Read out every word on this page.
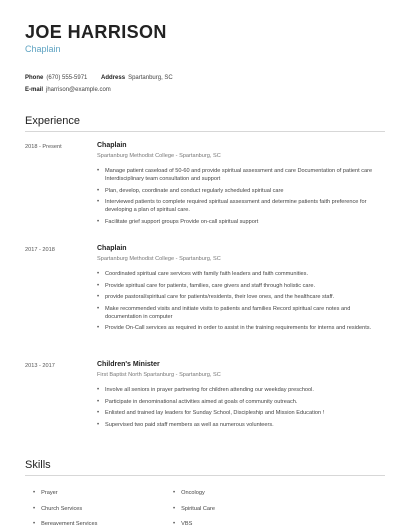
JOE HARRISON
Chaplain
Phone (670) 555-5971 Address Spartanburg, SC
E-mail jharrison@example.com
Experience
2018 - Present	Chaplain
Spartanburg Methodist College - Spartanburg, SC
• Manage patient caseload of 50-60 and provide spiritual assessment and care Documentation of patient care Interdisciplinary team consultation and support
• Plan, develop, coordinate and conduct regularly scheduled spiritual care
• Interviewed patients to complete required spiritual assessment and determine patients faith preference for developing a plan of spiritual care.
• Facilitate grief support groups Provide on-call spiritual support
2017 - 2018	Chaplain
Spartanburg Methodist College - Spartanburg, SC
• Coordinated spiritual care services with family faith leaders and faith communities.
• Provide spiritual care for patients, families, care givers and staff through holistic care.
• provide pastoral/spiritual care for patients/residents, their love ones, and the healthcare staff.
• Make recommended visits and initiate visits to patients and families Record spiritual care notes and documentation in computer
• Provide On-Call services as required in order to assist in the training requirements for interns and residents.
2013 - 2017	Children's Minister
First Baptist North Spartanburg - Spartanburg, SC
• Involve all seniors in prayer partnering for children attending our weekday preschool.
• Participate in denominational activities aimed at goals of community outreach.
• Enlisted and trained lay leaders for Sunday School, Discipleship and Mission Education !
• Supervised two paid staff members as well as numerous volunteers.
Skills
• Prayer	• Oncology
• Church Services	• Spiritual Care
• Bereavement Services	• VBS
